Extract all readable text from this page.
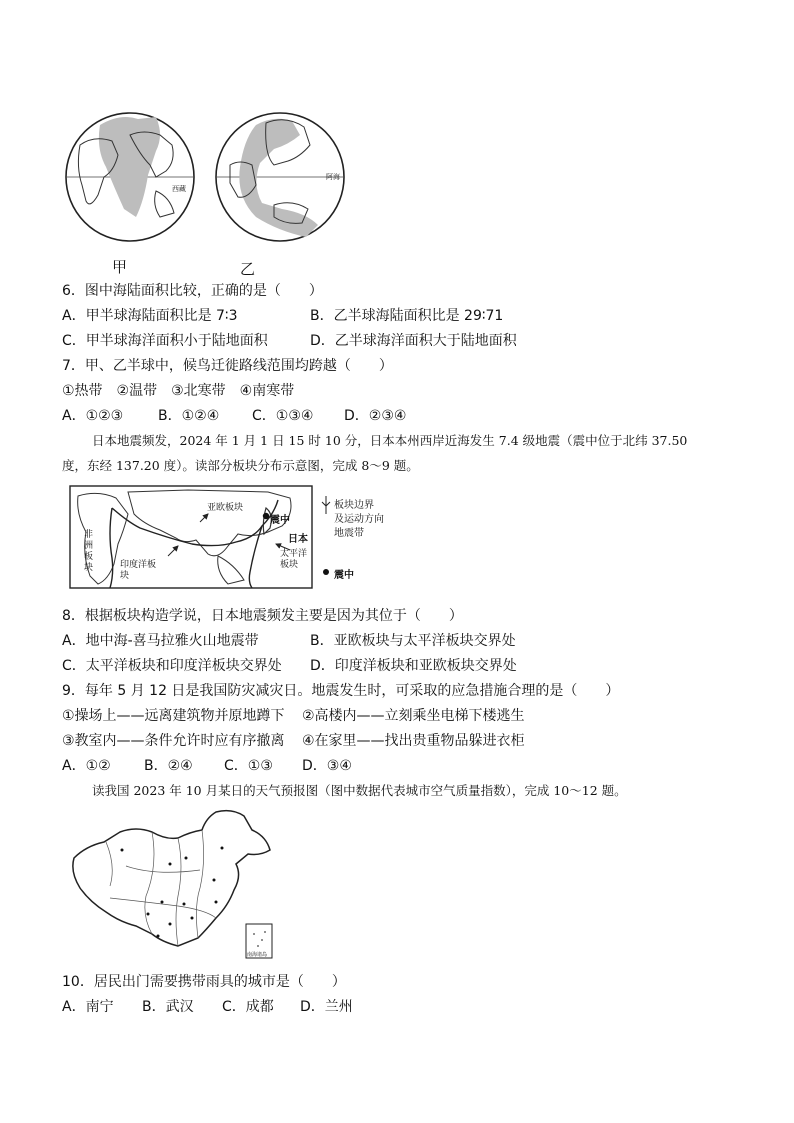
西藏
阿海
甲	乙
6．图中海陆面积比较，正确的是（　　）
A．甲半球海陆面积比是 7∶3	B．乙半球海陆面积比是 29∶71
C．甲半球海洋面积小于陆地面积	D．乙半球海洋面积大于陆地面积
7．甲、乙半球中，候鸟迁徙路线范围均跨越（　　）
①热带　②温带　③北寒带　④南寒带
A．①②③ B．①②④ C．①③④ D．②③④
日本地震频发，2024 年 1 月 1 日 15 时 10 分，日本本州西岸近海发生 7.4 级地震（震中位于北纬 37.50
度，东经 137.20 度）。读部分板块分布示意图，完成 8～9 题。
亚欧板块
非洲板块	印度洋板块
太平洋板块
日本
震中
板块边界
及运动方向
地震带
震中
8．根据板块构造学说，日本地震频发主要是因为其位于（　　）
A．地中海-喜马拉雅火山地震带	B．亚欧板块与太平洋板块交界处
C．太平洋板块和印度洋板块交界处 D．印度洋板块和亚欧板块交界处
9．每年 5 月 12 日是我国防灾减灾日。地震发生时，可采取的应急措施合理的是（　　）
①操场上——远离建筑物并原地蹲下 ②高楼内——立刻乘坐电梯下楼逃生
③教室内——条件允许时应有序撤离 ④在家里——找出贵重物品躲进衣柜
A．①② B．②④ C．①③ D．③④
读我国 2023 年 10 月某日的天气预报图（图中数据代表城市空气质量指数），完成 10～12 题。
南海诸岛
10．居民出门需要携带雨具的城市是（　　）
A．南宁 B．武汉 C．成都 D．兰州
